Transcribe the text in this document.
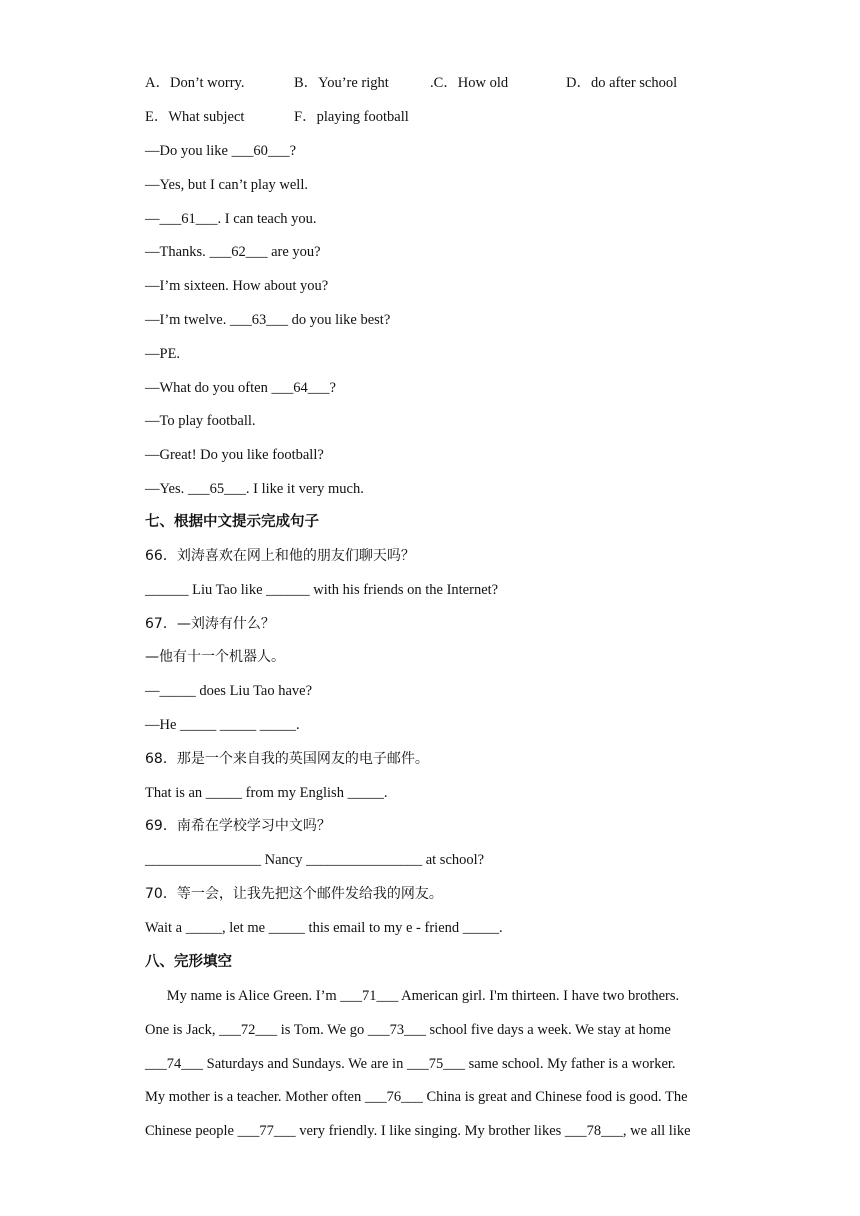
A．Don’t worry.	B．You’re right	.C．How old	D．do after school
E．What subject	F．playing football
—Do you like ___60___?
—Yes, but I can’t play well.
—___61___. I can teach you.
—Thanks. ___62___ are you?
—I’m sixteen. How about you?
—I’m twelve. ___63___ do you like best?
—PE.
—What do you often ___64___?
—To play football.
—Great! Do you like football?
—Yes. ___65___. I like it very much.
七、根据中文提示完成句子
66．刘涛喜欢在网上和他的朋友们聊天吗？
______ Liu Tao like ______ with his friends on the Internet?
67．—刘涛有什么？
—他有十一个机器人。
—_____ does Liu Tao have?
—He _____ _____ _____.
68．那是一个来自我的英国网友的电子邮件。
That is an _____ from my English _____.
69．南希在学校学习中文吗？
________________ Nancy ________________ at school?
70．等一会，让我先把这个邮件发给我的网友。
Wait a _____, let me _____ this email to my e - friend _____.
八、完形填空
My name is Alice Green. I’m ___71___ American girl. I'm thirteen. I have two brothers.
One is Jack, ___72___ is Tom. We go ___73___ school five days a week. We stay at home
___74___ Saturdays and Sundays. We are in ___75___ same school. My father is a worker.
My mother is a teacher. Mother often ___76___ China is great and Chinese food is good. The
Chinese people ___77___ very friendly. I like singing. My brother likes ___78___, we all like
